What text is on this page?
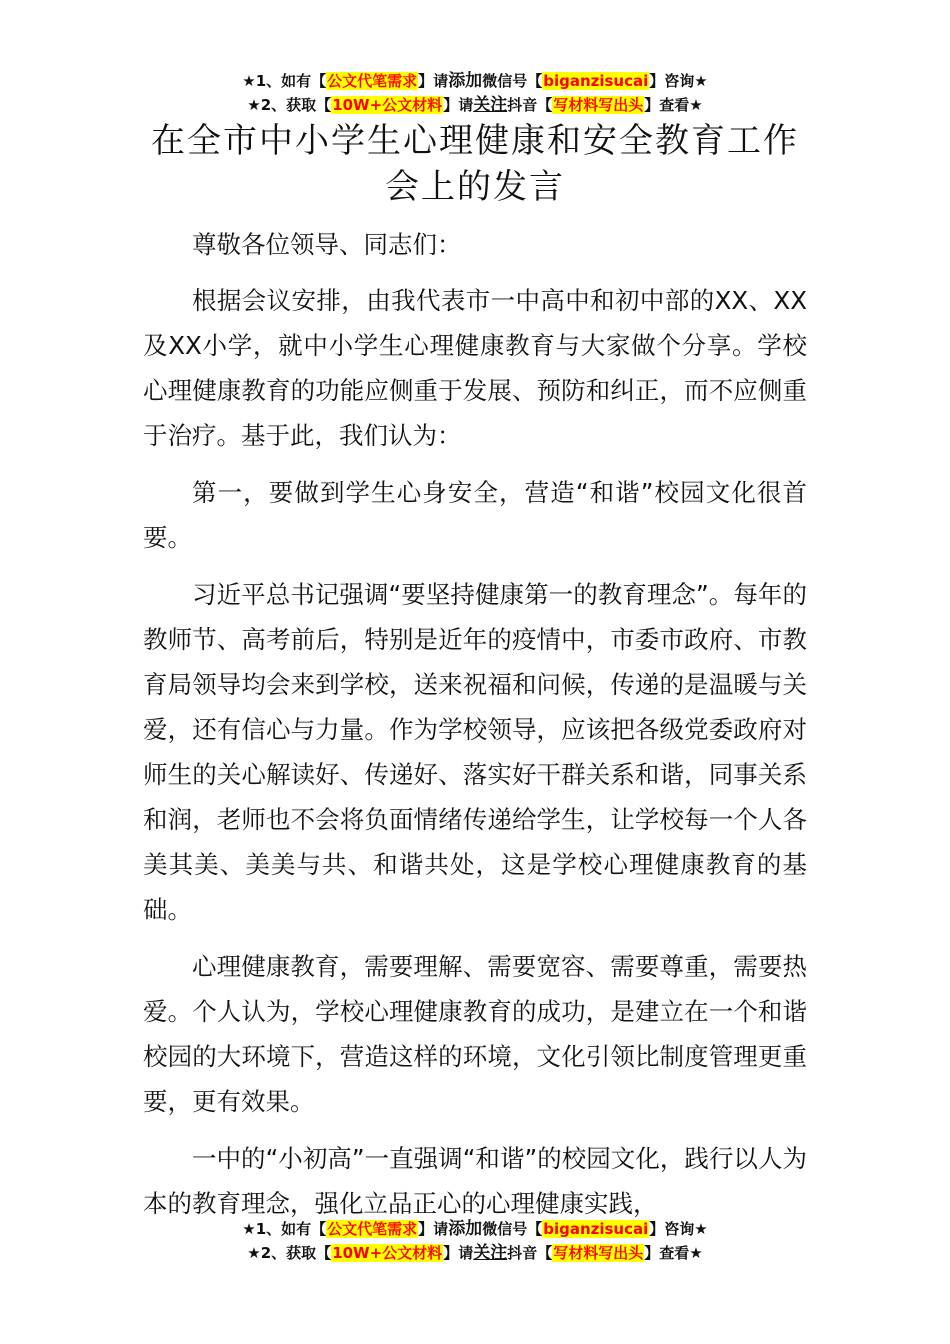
★1、如有【公文代笔需求】请添加微信号【biganzisucai】咨询★
★2、获取【10W+公文材料】请关注抖音【写材料写出头】查看★
在全市中小学生心理健康和安全教育工作会上的发言

尊敬各位领导、同志们：

根据会议安排，由我代表市一中高中和初中部的XX、XX及XX小学，就中小学生心理健康教育与大家做个分享。学校心理健康教育的功能应侧重于发展、预防和纠正，而不应侧重于治疗。基于此，我们认为：

第一，要做到学生心身安全，营造“和谐”校园文化很首要。

习近平总书记强调“要坚持健康第一的教育理念”。每年的教师节、高考前后，特别是近年的疫情中，市委市政府、市教育局领导均会来到学校，送来祝福和问候，传递的是温暖与关爱，还有信心与力量。作为学校领导，应该把各级党委政府对师生的关心解读好、传递好、落实好干群关系和谐，同事关系和润，老师也不会将负面情绪传递给学生，让学校每一个人各美其美、美美与共、和谐共处，这是学校心理健康教育的基础。

心理健康教育，需要理解、需要宽容、需要尊重，需要热爱。个人认为，学校心理健康教育的成功，是建立在一个和谐校园的大环境下，营造这样的环境，文化引领比制度管理更重要，更有效果。

一中的“小初高”一直强调“和谐”的校园文化，践行以人为本的教育理念，强化立品正心的心理健康实践，

★1、如有【公文代笔需求】请添加微信号【biganzisucai】咨询★
★2、获取【10W+公文材料】请关注抖音【写材料写出头】查看★
